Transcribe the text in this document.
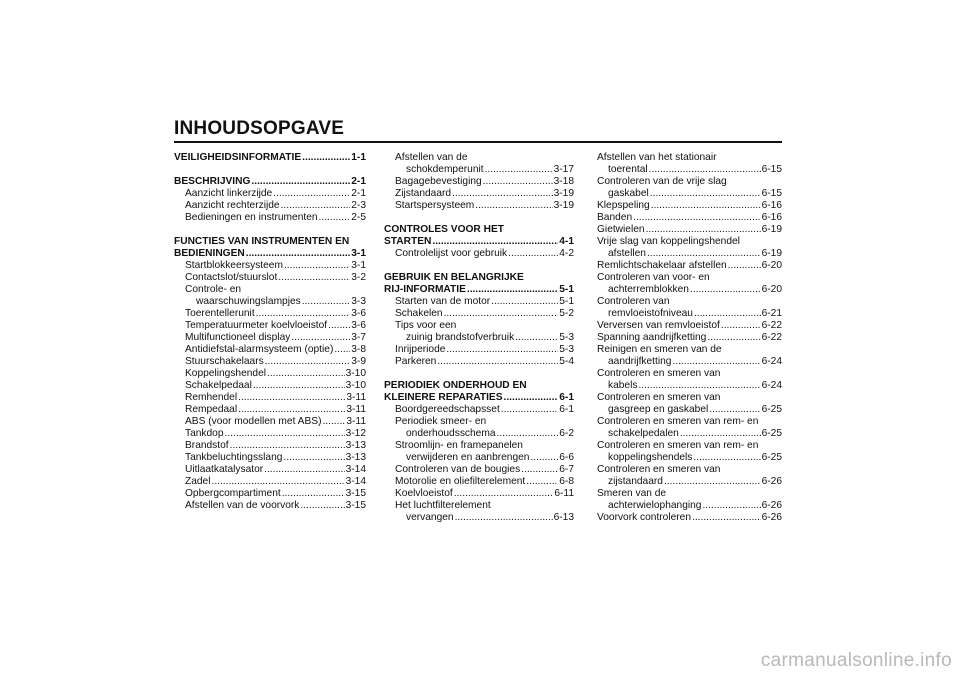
INHOUDSOPGAVE
VEILIGHEIDSINFORMATIE .....	1-1
BESCHRIJVING .....	2-1
Aanzicht linkerzijde .....	2-1
Aanzicht rechterzijde .....	2-3
Bedieningen en instrumenten .....	2-5
FUNCTIES VAN INSTRUMENTEN EN
BEDIENINGEN .....	3-1
Startblokkeersysteem .....	3-1
Contactslot/stuurslot .....	3-2
Controle- en
waarschuwingslampjes .....	3-3
Toerentellerunit .....	3-6
Temperatuurmeter koelvloeistof ..... 3-6
Multifunctioneel display .....	3-7
Antidiefstal-alarmsysteem (optie) ..... 3-8
Stuurschakelaars .....	3-9
Koppelingshendel .....	3-10
Schakelpedaal .....	3-10
Remhendel .....	3-11
Rempedaal .....	3-11
ABS (voor modellen met ABS) ..... 3-11
Tankdop .....	3-12
Brandstof .....	3-13
Tankbeluchtingsslang .....	3-13
Uitlaatkatalysator .....	3-14
Zadel .....	3-14
Opbergcompartiment .....	3-15
Afstellen van de voorvork .....	3-15
Afstellen van de
schokdemperunit .....	3-17
Bagagebevestiging .....	3-18
Zijstandaard .....	3-19
Startspersysteem .....	3-19
CONTROLES VOOR HET
STARTEN .....	4-1
Controlelijst voor gebruik .....	4-2
GEBRUIK EN BELANGRIJKE
RIJ-INFORMATIE .....	5-1
Starten van de motor .....	5-1
Schakelen .....	5-2
Tips voor een
zuinig brandstofverbruik .....	5-3
Inrijperiode .....	5-3
Parkeren .....	5-4
PERIODIEK ONDERHOUD EN
KLEINERE REPARATIES .....	6-1
Boordgereedschapsset .....	6-1
Periodiek smeer- en
onderhoudsschema .....	6-2
Stroomlijn- en framepanelen
verwijderen en aanbrengen .....	6-6
Controleren van de bougies .....	6-7
Motorolie en oliefilterelement .....	6-8
Koelvloeistof .....	6-11
Het luchtfilterelement
vervangen .....	6-13
Afstellen van het stationair
toerental .....	6-15
Controleren van de vrije slag
gaskabel .....	6-15
Klepspeling .....	6-16
Banden .....	6-16
Gietwielen .....	6-19
Vrije slag van koppelingshendel
afstellen .....	6-19
Remlichtschakelaar afstellen .....	6-20
Controleren van voor- en
achterremblokken .....	6-20
Controleren van
remvloeistofniveau .....	6-21
Verversen van remvloeistof .....	6-22
Spanning aandrijfketting .....	6-22
Reinigen en smeren van de
aandrijfketting .....	6-24
Controleren en smeren van
kabels .....	6-24
Controleren en smeren van
gasgreep en gaskabel .....	6-25
Controleren en smeren van rem- en
schakelpedalen .....	6-25
Controleren en smeren van rem- en
koppelingshendels .....	6-25
Controleren en smeren van
zijstandaard .....	6-26
Smeren van de
achterwielophanging .....	6-26
Voorvork controleren .....	6-26
carmanualsonline.info
